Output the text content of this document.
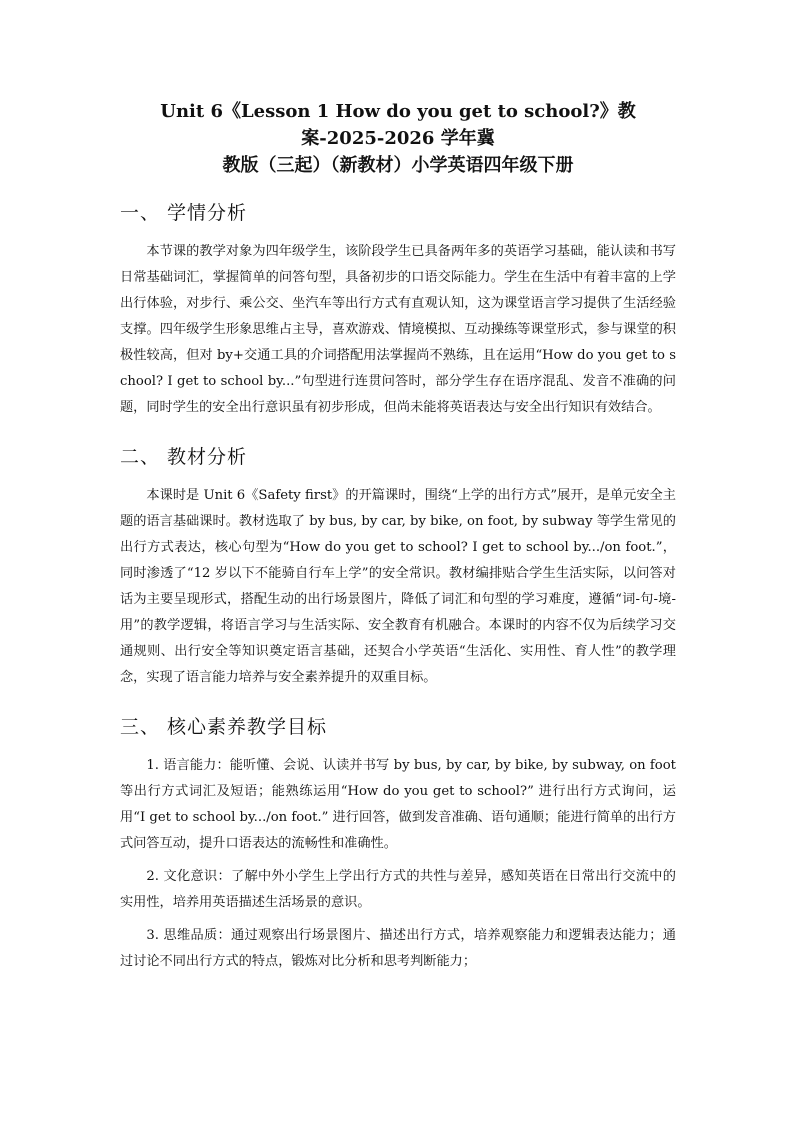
Unit 6《Lesson 1 How do you get to school?》教案-2025-2026 学年冀
教版（三起）（新教材）小学英语四年级下册
一、 学情分析

本节课的教学对象为四年级学生，该阶段学生已具备两年多的英语学习基础，能认读和书写日常基础词汇，掌握简单的问答句型，具备初步的口语交际能力。学生在生活中有着丰富的上学出行体验，对步行、乘公交、坐汽车等出行方式有直观认知，这为课堂语言学习提供了生活经验支撑。四年级学生形象思维占主导，喜欢游戏、情境模拟、互动操练等课堂形式，参与课堂的积极性较高，但对 by+交通工具的介词搭配用法掌握尚不熟练，且在运用“How do you get to school? I get to school by...”句型进行连贯问答时，部分学生存在语序混乱、发音不准确的问题，同时学生的安全出行意识虽有初步形成，但尚未能将英语表达与安全出行知识有效结合。

二、 教材分析

本课时是 Unit 6《Safety first》的开篇课时，围绕“上学的出行方式”展开，是单元安全主题的语言基础课时。教材选取了 by bus, by car, by bike, on foot, by subway 等学生常见的出行方式表达，核心句型为“How do you get to school? I get to school by.../on foot.”，同时渗透了“12 岁以下不能骑自行车上学”的安全常识。教材编排贴合学生生活实际，以问答对话为主要呈现形式，搭配生动的出行场景图片，降低了词汇和句型的学习难度，遵循“词-句-境-用”的教学逻辑，将语言学习与生活实际、安全教育有机融合。本课时的内容不仅为后续学习交通规则、出行安全等知识奠定语言基础，还契合小学英语“生活化、实用性、育人性”的教学理念，实现了语言能力培养与安全素养提升的双重目标。

三、 核心素养教学目标

1. 语言能力：能听懂、会说、认读并书写 by bus, by car, by bike, by subway, on foot 等出行方式词汇及短语；能熟练运用“How do you get to school?” 进行出行方式询问，运用“I get to school by.../on foot.” 进行回答，做到发音准确、语句通顺；能进行简单的出行方式问答互动，提升口语表达的流畅性和准确性。

2. 文化意识：了解中外小学生上学出行方式的共性与差异，感知英语在日常出行交流中的实用性，培养用英语描述生活场景的意识。

3. 思维品质：通过观察出行场景图片、描述出行方式，培养观察能力和逻辑表达能力；通过讨论不同出行方式的特点，锻炼对比分析和思考判断能力；
